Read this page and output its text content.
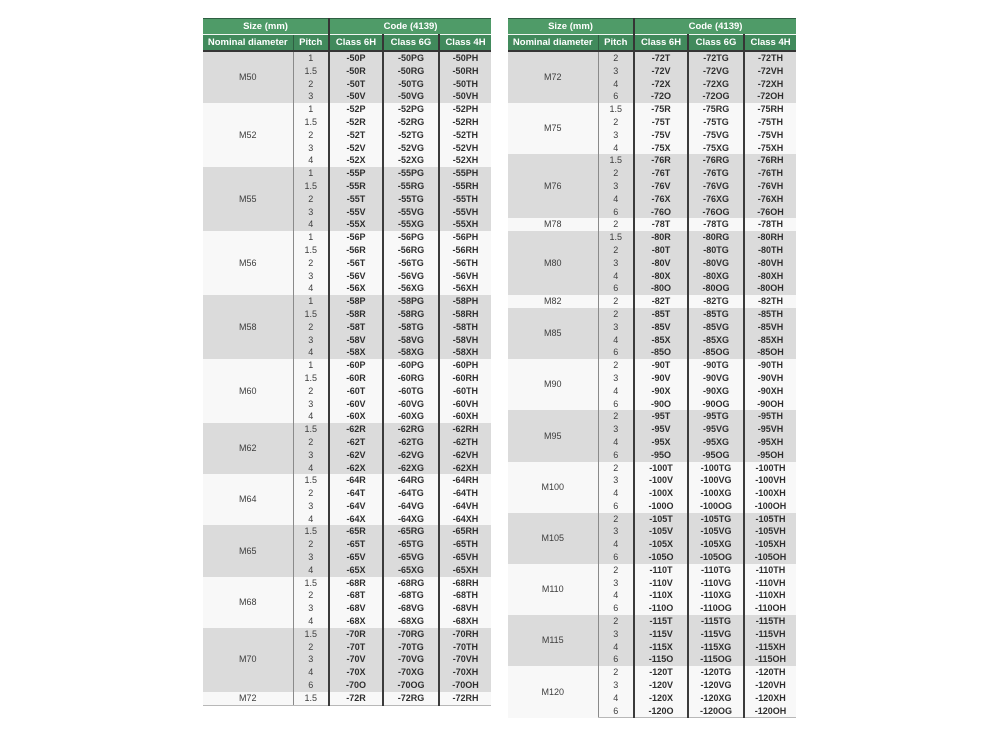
Size (mm)		Code (4139)		
Nominal diameter	Pitch	Class 6H	Class 6G	Class 4H
M50	1	-50P	-50PG	-50PH
	1.5	-50R	-50RG	-50RH
	2	-50T	-50TG	-50TH
	3	-50V	-50VG	-50VH
M52	1	-52P	-52PG	-52PH
	1.5	-52R	-52RG	-52RH
	2	-52T	-52TG	-52TH
	3	-52V	-52VG	-52VH
	4	-52X	-52XG	-52XH
M55	1	-55P	-55PG	-55PH
	1.5	-55R	-55RG	-55RH
	2	-55T	-55TG	-55TH
	3	-55V	-55VG	-55VH
	4	-55X	-55XG	-55XH
M56	1	-56P	-56PG	-56PH
	1.5	-56R	-56RG	-56RH
	2	-56T	-56TG	-56TH
	3	-56V	-56VG	-56VH
	4	-56X	-56XG	-56XH
M58	1	-58P	-58PG	-58PH
	1.5	-58R	-58RG	-58RH
	2	-58T	-58TG	-58TH
	3	-58V	-58VG	-58VH
	4	-58X	-58XG	-58XH
M60	1	-60P	-60PG	-60PH
	1.5	-60R	-60RG	-60RH
	2	-60T	-60TG	-60TH
	3	-60V	-60VG	-60VH
	4	-60X	-60XG	-60XH
M62	1.5	-62R	-62RG	-62RH
	2	-62T	-62TG	-62TH
	3	-62V	-62VG	-62VH
	4	-62X	-62XG	-62XH
M64	1.5	-64R	-64RG	-64RH
	2	-64T	-64TG	-64TH
	3	-64V	-64VG	-64VH
	4	-64X	-64XG	-64XH
M65	1.5	-65R	-65RG	-65RH
	2	-65T	-65TG	-65TH
	3	-65V	-65VG	-65VH
	4	-65X	-65XG	-65XH
M68	1.5	-68R	-68RG	-68RH
	2	-68T	-68TG	-68TH
	3	-68V	-68VG	-68VH
	4	-68X	-68XG	-68XH
M70	1.5	-70R	-70RG	-70RH
	2	-70T	-70TG	-70TH
	3	-70V	-70VG	-70VH
	4	-70X	-70XG	-70XH
	6	-70O	-70OG	-70OH
M72	1.5	-72R	-72RG	-72RH
Size (mm)		Code (4139)		
Nominal diameter	Pitch	Class 6H	Class 6G	Class 4H
M72	2	-72T	-72TG	-72TH
	3	-72V	-72VG	-72VH
	4	-72X	-72XG	-72XH
	6	-72O	-72OG	-72OH
M75	1.5	-75R	-75RG	-75RH
	2	-75T	-75TG	-75TH
	3	-75V	-75VG	-75VH
	4	-75X	-75XG	-75XH
M76	1.5	-76R	-76RG	-76RH
	2	-76T	-76TG	-76TH
	3	-76V	-76VG	-76VH
	4	-76X	-76XG	-76XH
	6	-76O	-76OG	-76OH
M78	2	-78T	-78TG	-78TH
M80	1.5	-80R	-80RG	-80RH
	2	-80T	-80TG	-80TH
	3	-80V	-80VG	-80VH
	4	-80X	-80XG	-80XH
	6	-80O	-80OG	-80OH
M82	2	-82T	-82TG	-82TH
M85	2	-85T	-85TG	-85TH
	3	-85V	-85VG	-85VH
	4	-85X	-85XG	-85XH
	6	-85O	-85OG	-85OH
M90	2	-90T	-90TG	-90TH
	3	-90V	-90VG	-90VH
	4	-90X	-90XG	-90XH
	6	-90O	-90OG	-90OH
M95	2	-95T	-95TG	-95TH
	3	-95V	-95VG	-95VH
	4	-95X	-95XG	-95XH
	6	-95O	-95OG	-95OH
M100	2	-100T	-100TG	-100TH
	3	-100V	-100VG	-100VH
	4	-100X	-100XG	-100XH
	6	-100O	-100OG	-100OH
M105	2	-105T	-105TG	-105TH
	3	-105V	-105VG	-105VH
	4	-105X	-105XG	-105XH
	6	-105O	-105OG	-105OH
M110	2	-110T	-110TG	-110TH
	3	-110V	-110VG	-110VH
	4	-110X	-110XG	-110XH
	6	-110O	-110OG	-110OH
M115	2	-115T	-115TG	-115TH
	3	-115V	-115VG	-115VH
	4	-115X	-115XG	-115XH
	6	-115O	-115OG	-115OH
M120	2	-120T	-120TG	-120TH
	3	-120V	-120VG	-120VH
	4	-120X	-120XG	-120XH
	6	-120O	-120OG	-120OH
